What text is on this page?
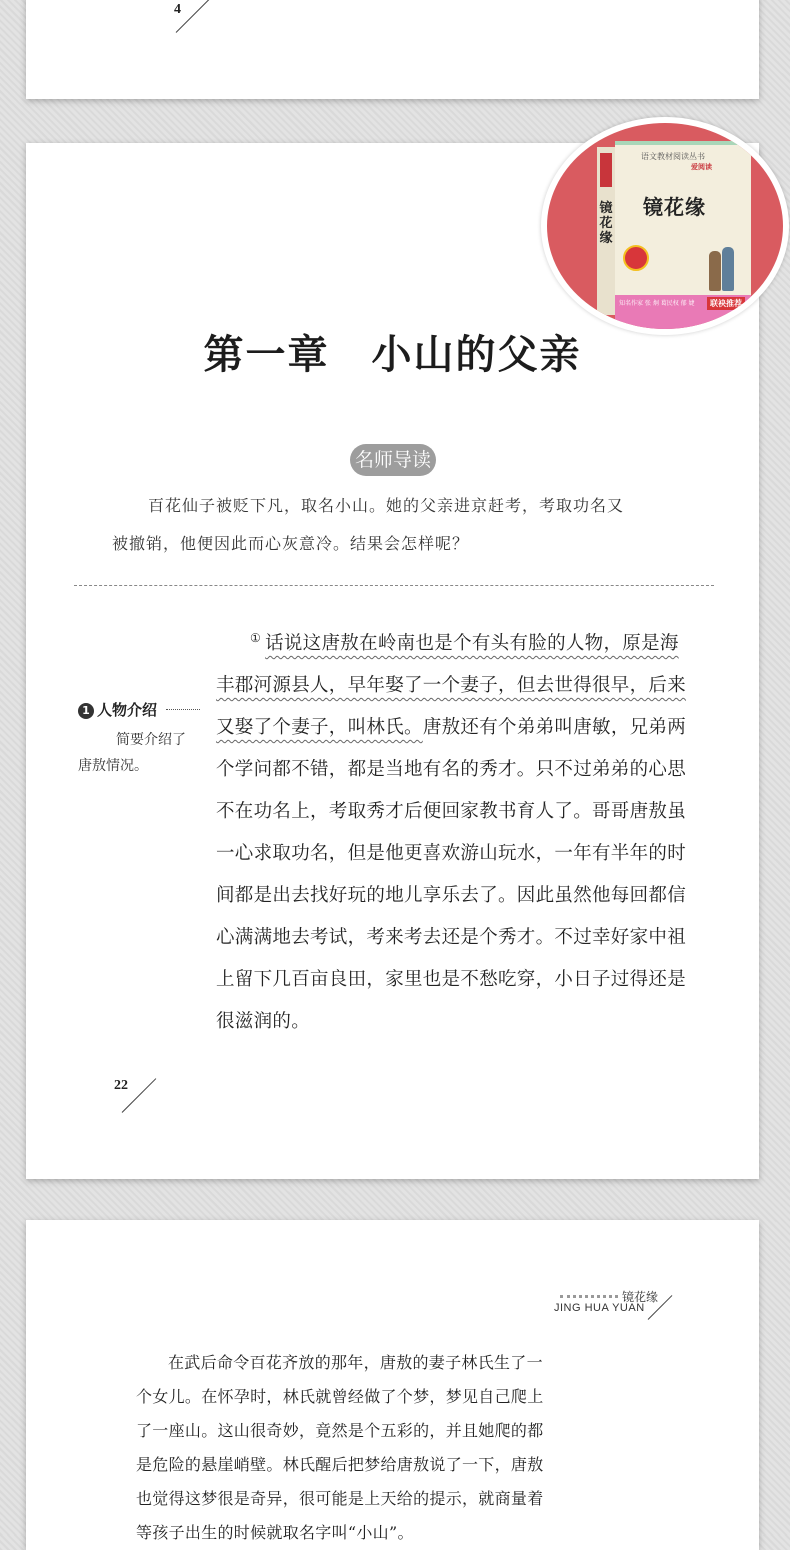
4
第一章　小山的父亲
名师导读
百花仙子被贬下凡，取名小山。她的父亲进京赶考，考取功名又
被撤销，他便因此而心灰意冷。结果会怎样呢？
① 话说这唐敖在岭南也是个有头有脸的人物，原是海
丰郡河源县人，早年娶了一个妻子，但去世得很早，后来
又娶了个妻子，叫林氏。唐敖还有个弟弟叫唐敏，兄弟两
个学问都不错，都是当地有名的秀才。只不过弟弟的心思
不在功名上，考取秀才后便回家教书育人了。哥哥唐敖虽
一心求取功名，但是他更喜欢游山玩水，一年有半年的时
间都是出去找好玩的地儿享乐去了。因此虽然他每回都信
心满满地去考试，考来考去还是个秀才。不过幸好家中祖
上留下几百亩良田，家里也是不愁吃穿，小日子过得还是
很滋润的。
1 人物介绍
简要介绍了
唐敖情况。
22
镜花缘
语文教材阅读丛书
爱阅读
镜花缘
知名作家 张 炯 葛民权 郁 婕	联袂推荐
镜花缘
JING HUA YUAN
在武后命令百花齐放的那年，唐敖的妻子林氏生了一
个女儿。在怀孕时，林氏就曾经做了个梦，梦见自己爬上
了一座山。这山很奇妙，竟然是个五彩的，并且她爬的都
是危险的悬崖峭壁。林氏醒后把梦给唐敖说了一下，唐敖
也觉得这梦很是奇异，很可能是上天给的提示，就商量着
等孩子出生的时候就取名字叫“小山”。
